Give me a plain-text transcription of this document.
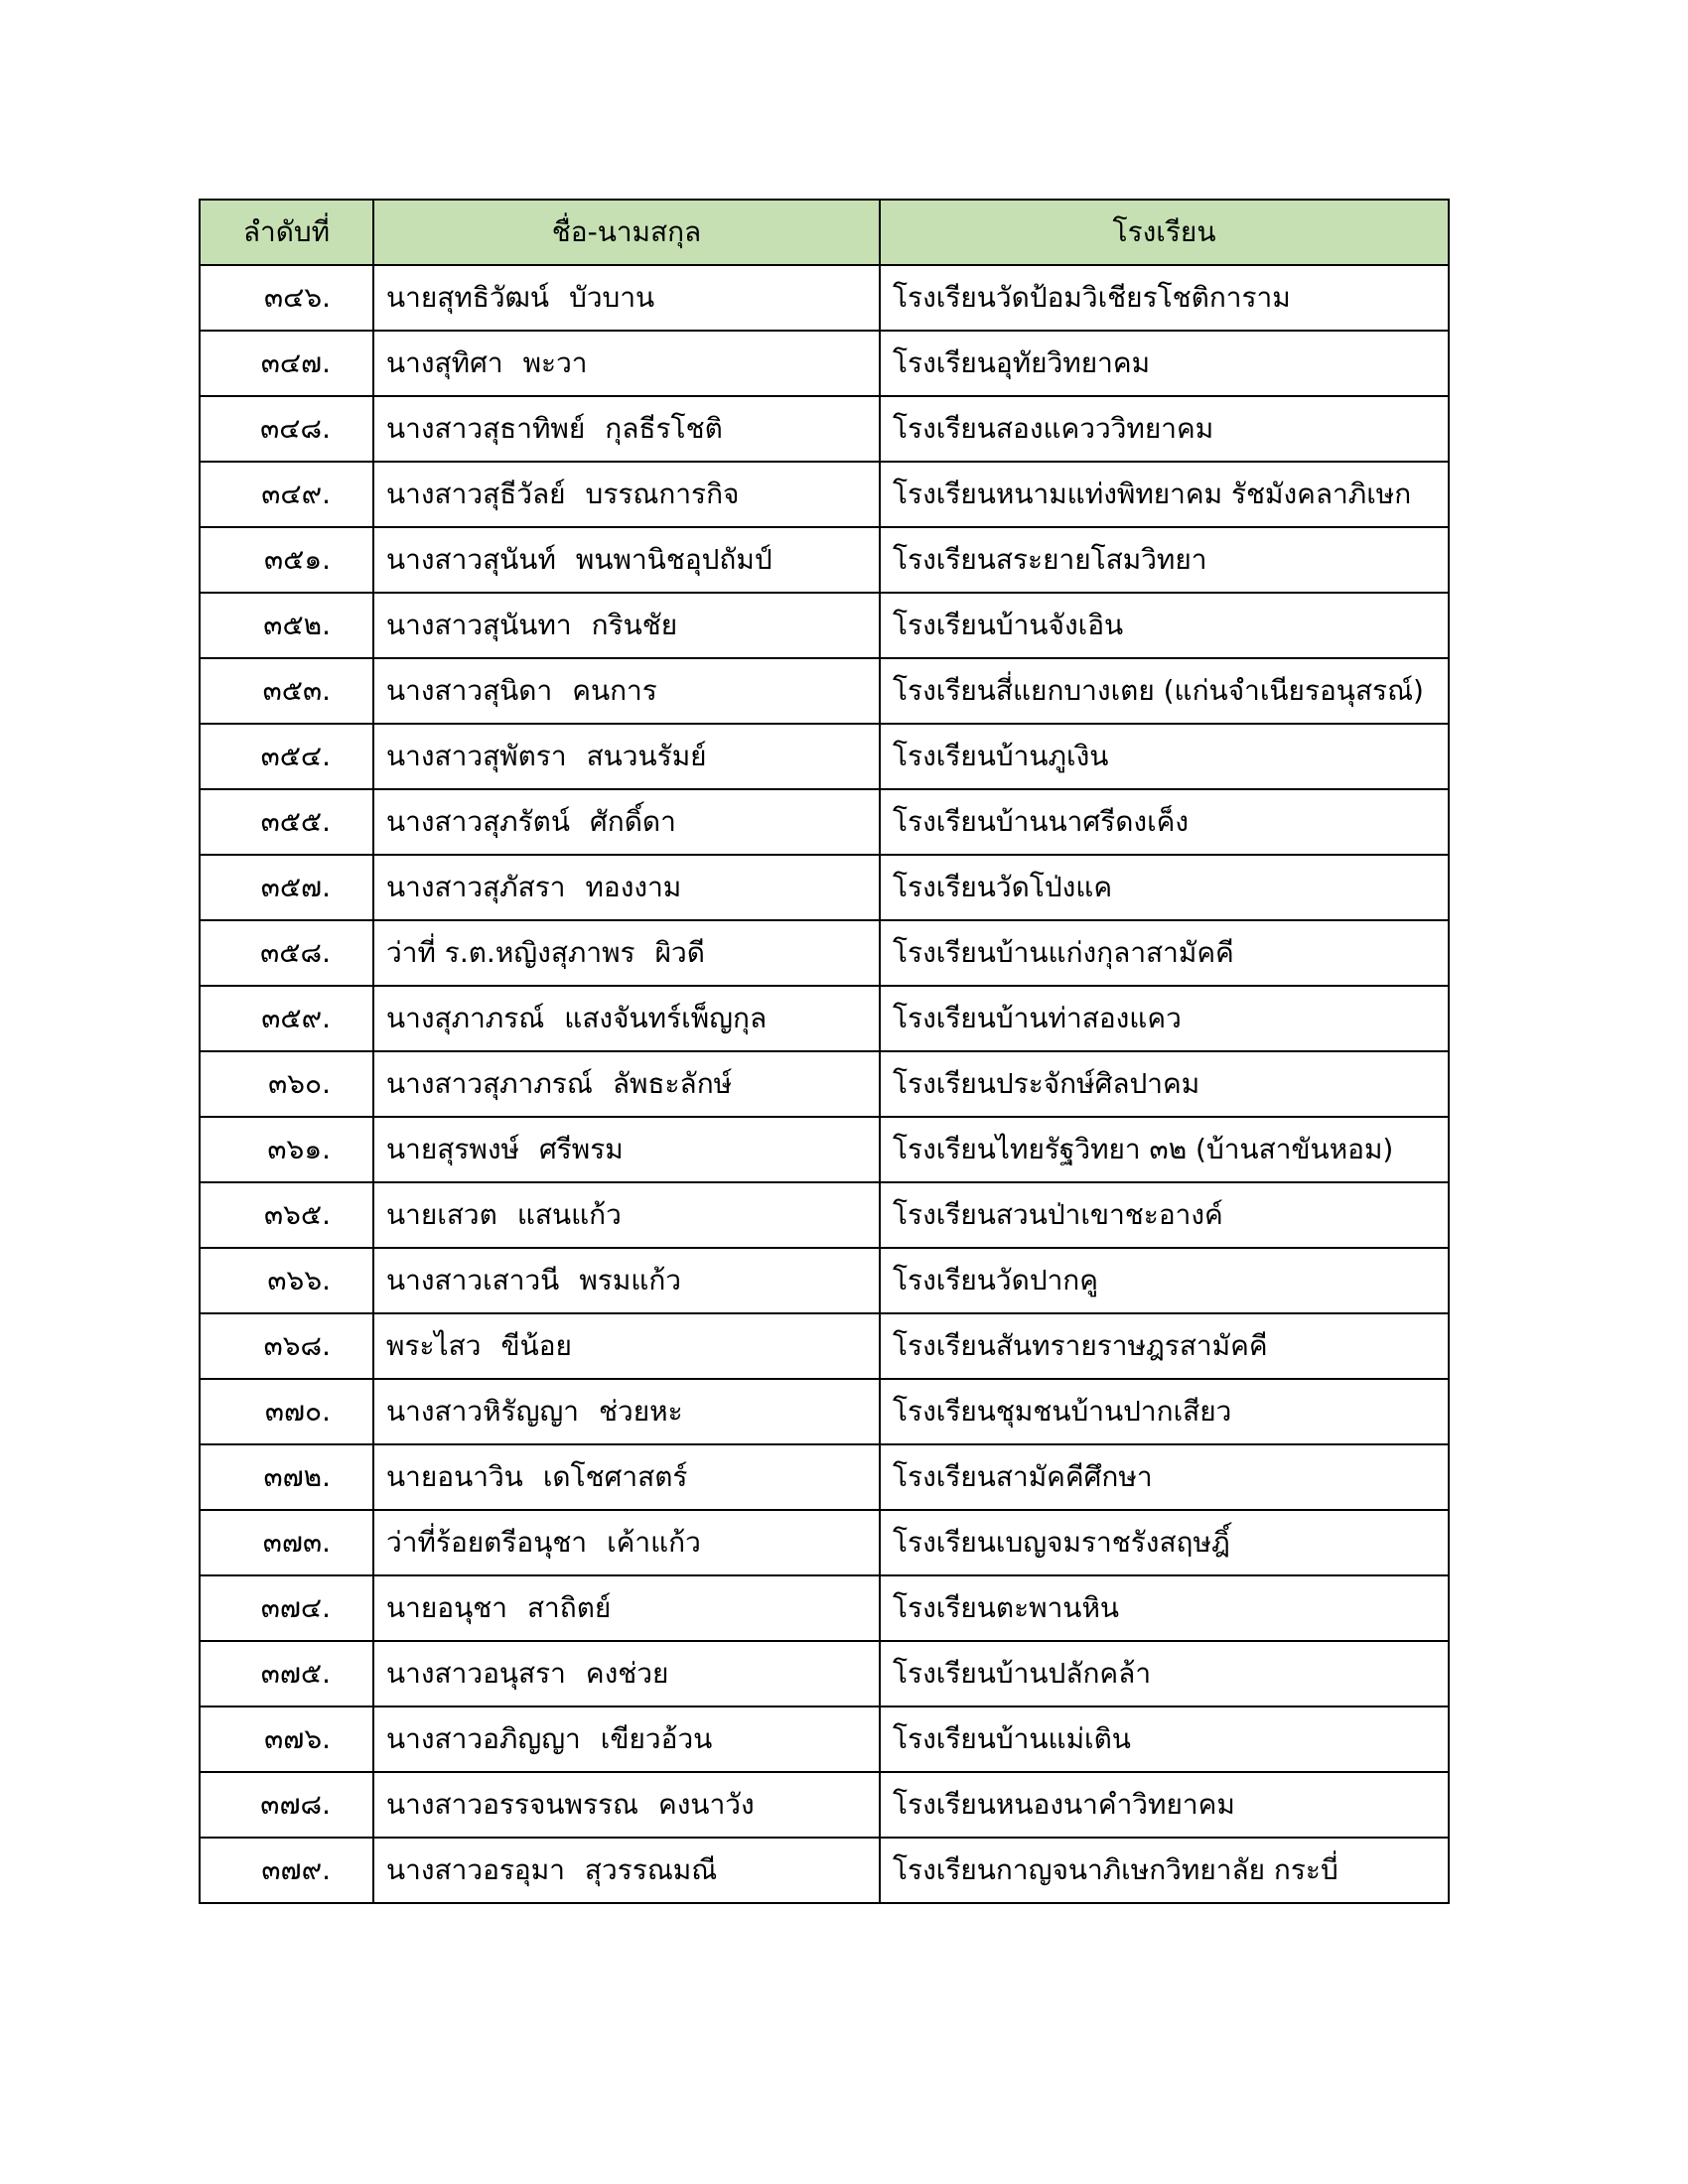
ลำดับที่	ชื่อ-นามสกุล	โรงเรียน
๓๔๖.	นายสุทธิวัฒน์ บัวบาน	โรงเรียนวัดป้อมวิเชียรโชติการาม
๓๔๗.	นางสุทิศา พะวา	โรงเรียนอุทัยวิทยาคม
๓๔๘.	นางสาวสุธาทิพย์ กุลธีรโชติ	โรงเรียนสองแควววิทยาคม
๓๔๙.	นางสาวสุธีวัลย์ บรรณการกิจ	โรงเรียนหนามแท่งพิทยาคม รัชมังคลาภิเษก
๓๕๑.	นางสาวสุนันท์ พนพานิชอุปถัมป์	โรงเรียนสระยายโสมวิทยา
๓๕๒.	นางสาวสุนันทา กรินชัย	โรงเรียนบ้านจังเอิน
๓๕๓.	นางสาวสุนิดา คนการ	โรงเรียนสี่แยกบางเตย (แก่นจำเนียรอนุสรณ์)
๓๕๔.	นางสาวสุพัตรา สนวนรัมย์	โรงเรียนบ้านภูเงิน
๓๕๕.	นางสาวสุภรัตน์ ศักดิ์ดา	โรงเรียนบ้านนาศรีดงเค็ง
๓๕๗.	นางสาวสุภัสรา ทองงาม	โรงเรียนวัดโป่งแค
๓๕๘.	ว่าที่ ร.ต.หญิงสุภาพร ผิวดี	โรงเรียนบ้านแก่งกุลาสามัคคี
๓๕๙.	นางสุภาภรณ์ แสงจันทร์เพ็ญกุล	โรงเรียนบ้านท่าสองแคว
๓๖๐.	นางสาวสุภาภรณ์ ลัพธะลักษ์	โรงเรียนประจักษ์ศิลปาคม
๓๖๑.	นายสุรพงษ์ ศรีพรม	โรงเรียนไทยรัฐวิทยา ๓๒ (บ้านสาขันหอม)
๓๖๕.	นายเสวต แสนแก้ว	โรงเรียนสวนป่าเขาชะอางค์
๓๖๖.	นางสาวเสาวนี พรมแก้ว	โรงเรียนวัดปากคู
๓๖๘.	พระไสว ขีน้อย	โรงเรียนสันทรายราษฎรสามัคคี
๓๗๐.	นางสาวหิรัญญา ช่วยหะ	โรงเรียนชุมชนบ้านปากเสียว
๓๗๒.	นายอนาวิน เดโชศาสตร์	โรงเรียนสามัคคีศึกษา
๓๗๓.	ว่าที่ร้อยตรีอนุชา เค้าแก้ว	โรงเรียนเบญจมราชรังสฤษฎิ์
๓๗๔.	นายอนุชา สาถิตย์	โรงเรียนตะพานหิน
๓๗๕.	นางสาวอนุสรา คงช่วย	โรงเรียนบ้านปลักคล้า
๓๗๖.	นางสาวอภิญญา เขียวอ้วน	โรงเรียนบ้านแม่เติน
๓๗๘.	นางสาวอรรจนพรรณ คงนาวัง	โรงเรียนหนองนาคำวิทยาคม
๓๗๙.	นางสาวอรอุมา สุวรรณมณี	โรงเรียนกาญจนาภิเษกวิทยาลัย กระบี่
